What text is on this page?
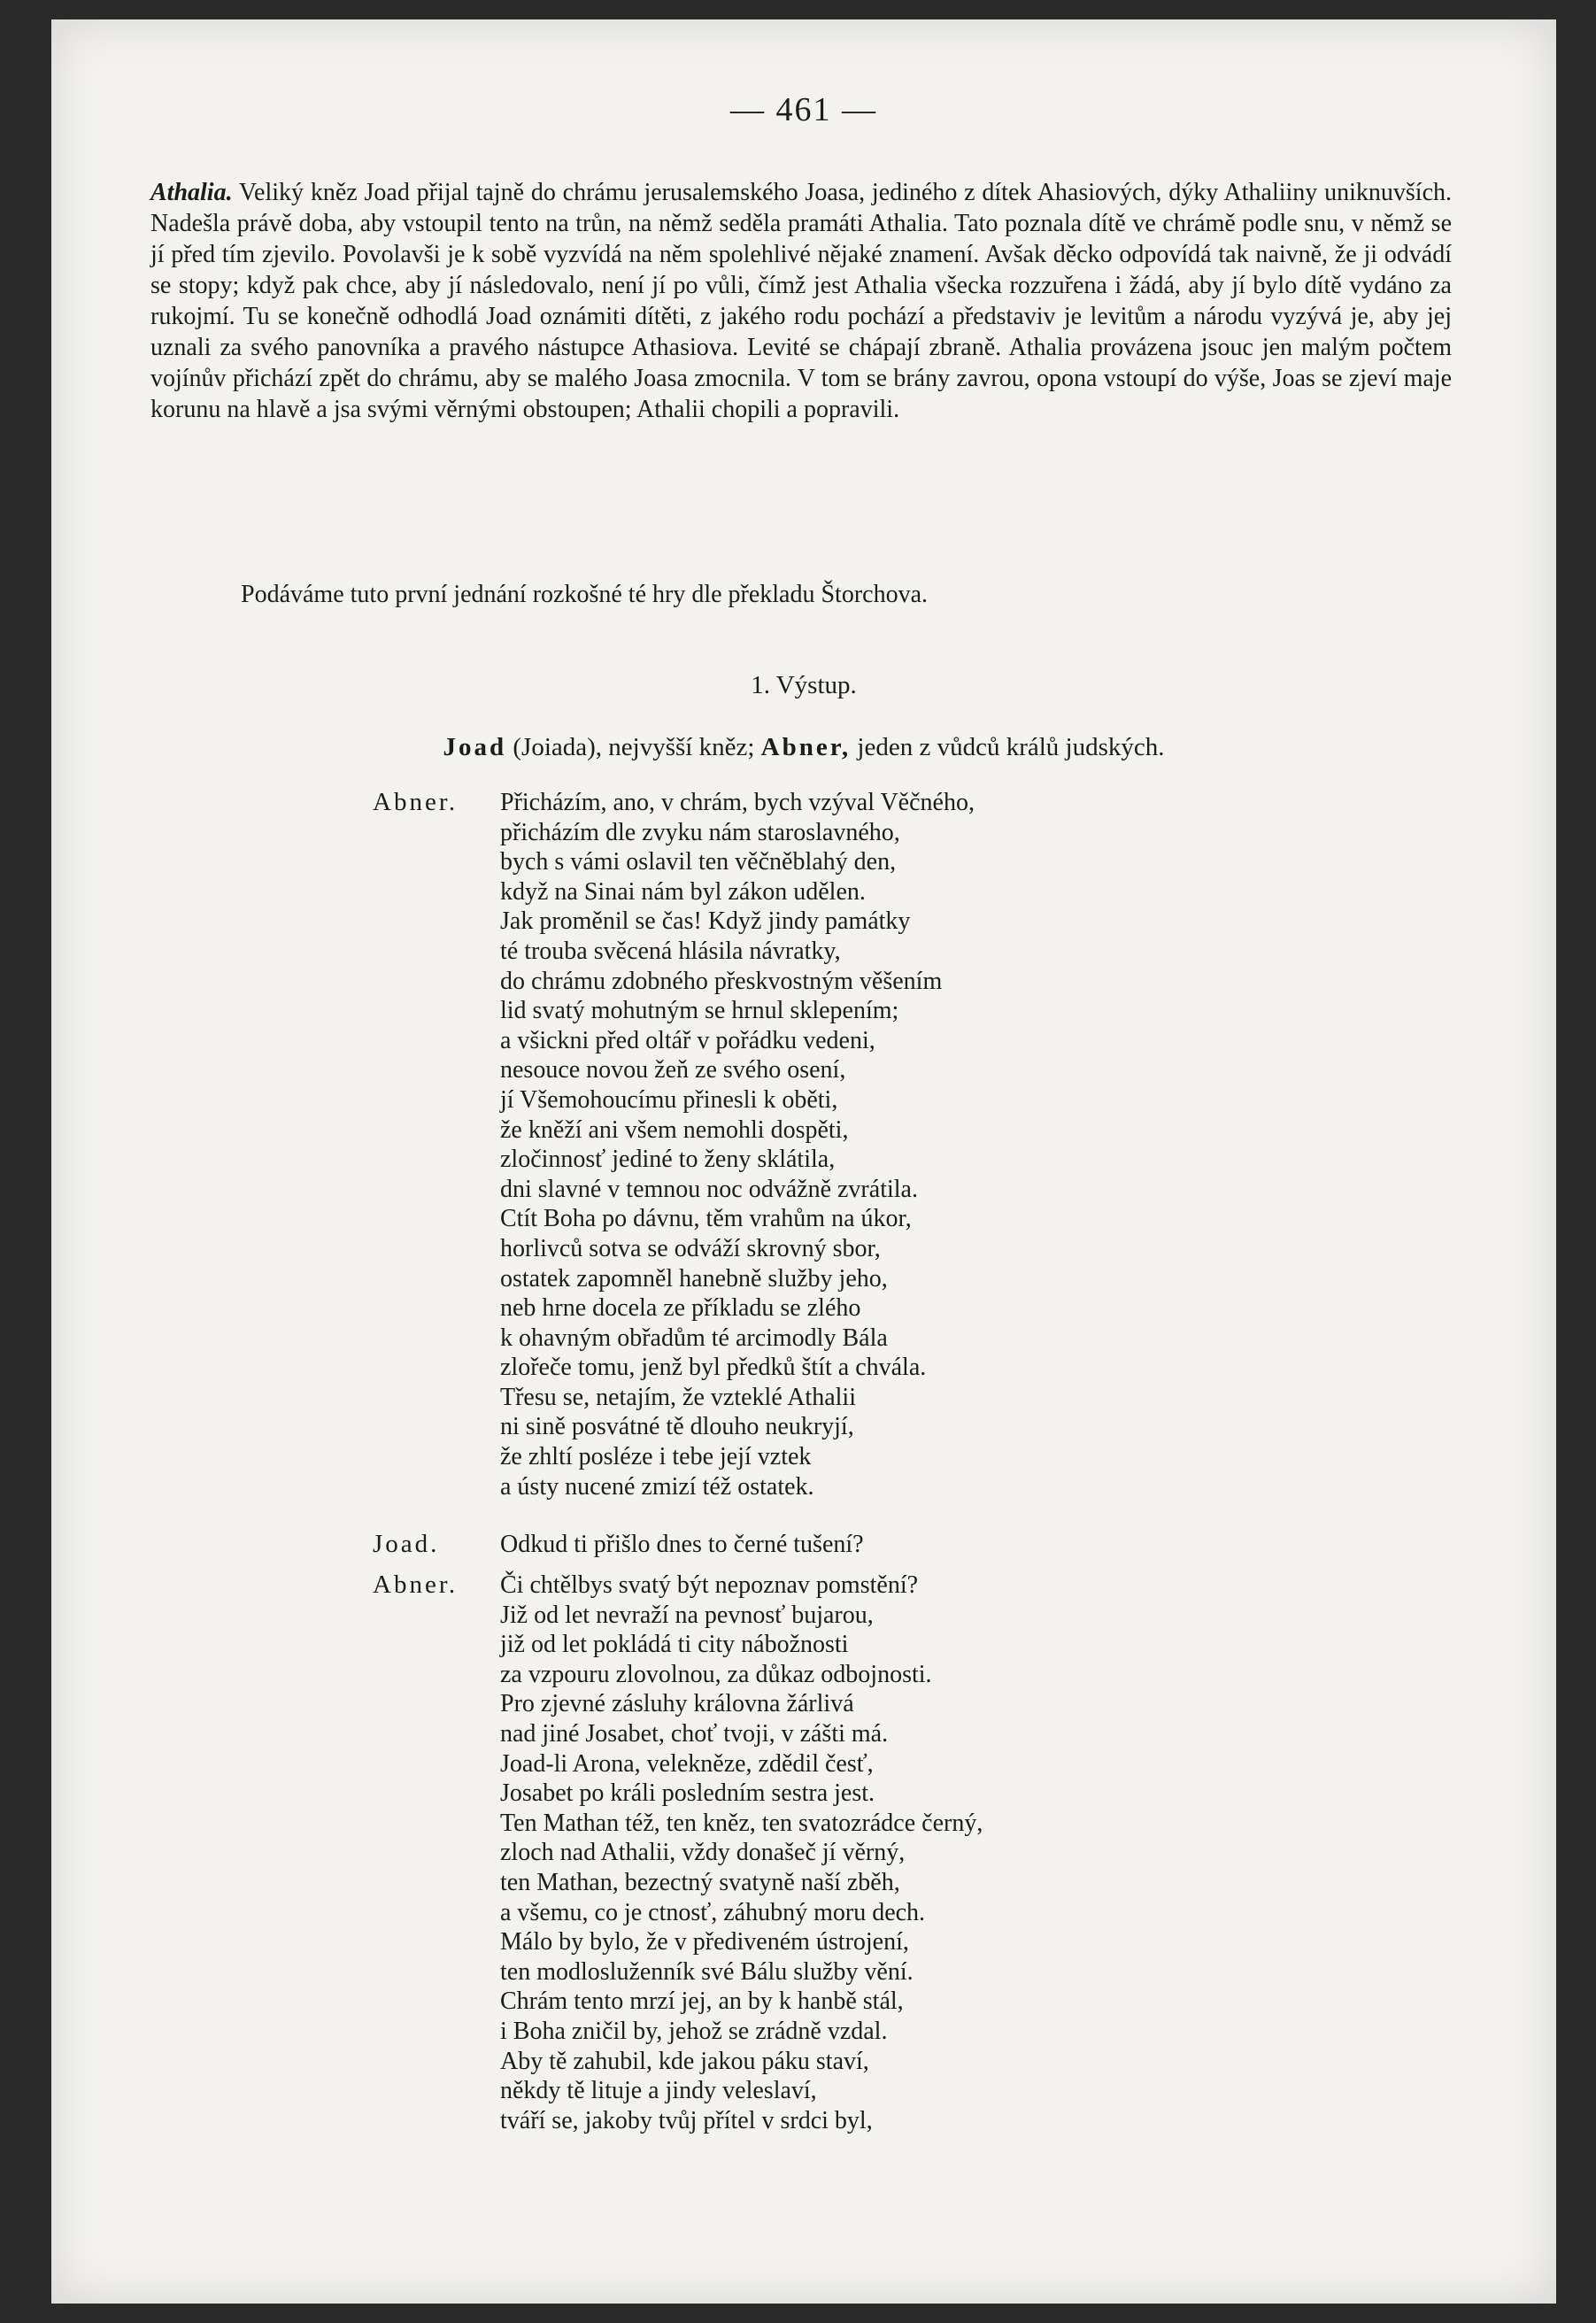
— 461 —

Athalia. Veliký kněz Joad přijal tajně do chrámu jerusalemského Joasa, jediného z dítek Ahasiových, dýky Athaliiny uniknuvších. Nadešla právě doba, aby vstoupil tento na trůn, na němž seděla pramáti Athalia. Tato poznala dítě ve chrámě podle snu, v němž se jí před tím zjevilo. Povolavši je k sobě vyzvídá na něm spolehlivé nějaké znamení. Avšak děcko odpovídá tak naivně, že ji odvádí se stopy; když pak chce, aby jí následovalo, není jí po vůli, čímž jest Athalia všecka rozzuřena i žádá, aby jí bylo dítě vydáno za rukojmí. Tu se konečně odhodlá Joad oznámiti dítěti, z jakého rodu pochází a představiv je levitům a národu vyzývá je, aby jej uznali za svého panovníka a pravého nástupce Athasiova. Levité se chápají zbraně. Athalia provázena jsouc jen malým počtem vojínův přichází zpět do chrámu, aby se malého Joasa zmocnila. V tom se brány zavrou, opona vstoupí do výše, Joas se zjeví maje korunu na hlavě a jsa svými věrnými obstoupen; Athalii chopili a popravili.

Podáváme tuto první jednání rozkošné té hry dle překladu Štorchova.

1. Výstup.

Joad (Joiada), nejvyšší kněz; Abner, jeden z vůdců králů judských.

Abner. Přicházím, ano, v chrám, bych vzýval Věčného,
přicházím dle zvyku nám staroslavného,
bych s vámi oslavil ten věčněblahý den,
když na Sinai nám byl zákon udělen.
Jak proměnil se čas! Když jindy památky
té trouba svěcená hlásila návratky,
do chrámu zdobného přeskvostným věšením
lid svatý mohutným se hrnul sklepením;
a všickni před oltář v pořádku vedeni,
nesouce novou žeň ze svého osení,
jí Všemohoucímu přinesli k oběti,
že kněží ani všem nemohli dospěti,
zločinnosť jediné to ženy sklátila,
dni slavné v temnou noc odvážně zvrátila.
Ctít Boha po dávnu, těm vrahům na úkor,
horlivců sotva se odváží skrovný sbor,
ostatek zapomněl hanebně služby jeho,
neb hrne docela ze příkladu se zlého
k ohavným obřadům té arcimodly Bála
zlořeče tomu, jenž byl předků štít a chvála.
Třesu se, netajím, že vzteklé Athalii
ni sině posvátné tě dlouho neukryjí,
že zhltí posléze i tebe její vztek
a ústy nucené zmizí též ostatek.
Joad. Odkud ti přišlo dnes to černé tušení?
Abner. Či chtělbys svatý být nepoznav pomstění?
Již od let nevraží na pevnosť bujarou,
již od let pokládá ti city nábožnosti
za vzpouru zlovolnou, za důkaz odbojnosti.
Pro zjevné zásluhy královna žárlivá
nad jiné Josabet, choť tvoji, v zášti má.
Joad-li Arona, velekněze, zdědil česť,
Josabet po králi posledním sestra jest.
Ten Mathan též, ten kněz, ten svatozrádce černý,
zloch nad Athalii, vždy donašeč jí věrný,
ten Mathan, bezectný svatyně naší zběh,
a všemu, co je ctnosť, záhubný moru dech.
Málo by bylo, že v přediveném ústrojení,
ten modlosluženník své Bálu služby vění.
Chrám tento mrzí jej, an by k hanbě stál,
i Boha zničil by, jehož se zrádně vzdal.
Aby tě zahubil, kde jakou páku staví,
někdy tě lituje a jindy veleslaví,
tváří se, jakoby tvůj přítel v srdci byl,
